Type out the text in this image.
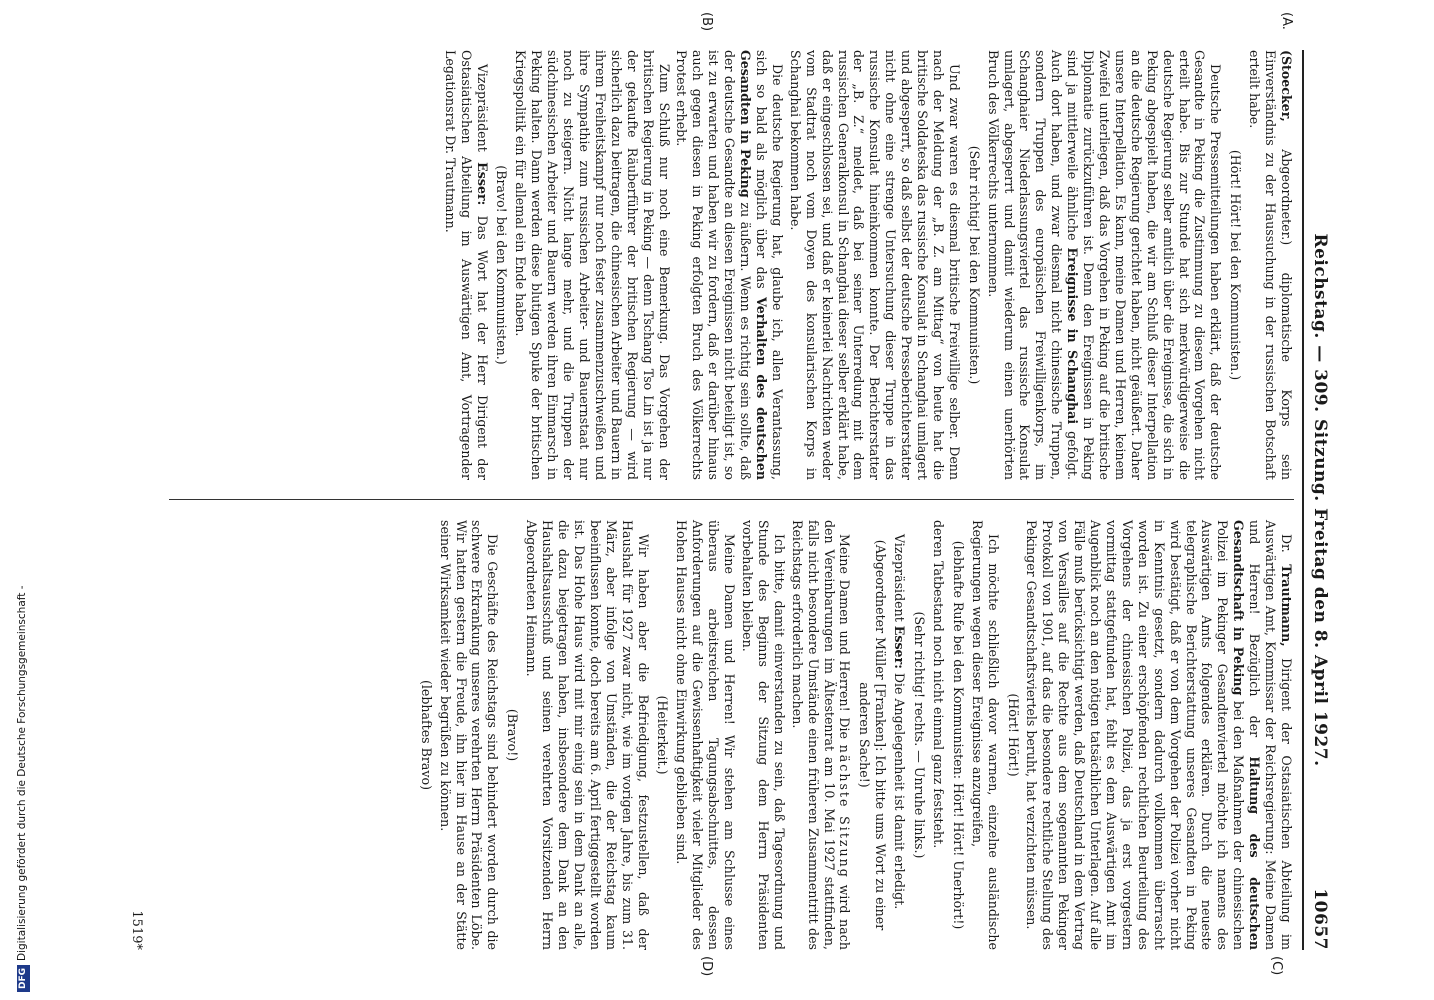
DFGDigitalisierung gefördert durch die Deutsche Forschungsgemeinschaft -
Reichstag. — 309. Sitzung. Freitag den 8. April 1927.
10657
(A.
(B)
(C)
(D)

(Stoecker, Abgeordneter.) diplomatische Korps sein Einverständnis zu der Haussuchung in der russischen Botschaft erteilt habe.

(Hört! Hört! bei den Kommunisten.)

Deutsche Pressemitteilungen haben erklärt, daß der deutsche Gesandte in Peking die Zustimmung zu diesem Vorgehen nicht erteilt habe. Bis zur Stunde hat sich merkwürdigerweise die deutsche Regierung selber amtlich über die Ereignisse, die sich in Peking abgespielt haben, die wir am Schluß dieser Interpellation an die deutsche Regierung gerichtet haben, nicht geäußert. Daher unsere Interpellation. Es kann, meine Damen und Herren, keinem Zweifel unterliegen, daß das Vorgehen in Peking auf die britische Diplomatie zurückzuführen ist. Denn den Ereignissen in Peking sind ja mittlerweile ähnliche Ereignisse in Schanghai gefolgt. Auch dort haben, und zwar diesmal nicht chinesische Truppen, sondern Truppen des europäischen Freiwilligenkorps, im Schanghaier Niederlassungsviertel das russische Konsulat umlagert, abgesperrt und damit wiederum einen unerhörten Bruch des Völkerrechts unternommen.

(Sehr richtig! bei den Kommunisten.)

Und zwar waren es diesmal britische Freiwillige selber. Denn nach der Meldung der „B. Z. am Mittag“ von heute hat die britische Soldateska das russische Konsulat in Schanghai umlagert und abgesperrt, so daß selbst der deutsche Presseberichterstatter nicht ohne eine strenge Untersuchung dieser Truppe in das russische Konsulat hineinkommen konnte. Der Berichterstatter der „B. Z.“ meldet, daß bei seiner Unterredung mit dem russischen Generalkonsul in Schanghai dieser selber erklärt habe, daß er eingeschlossen sei, und daß er keinerlei Nachrichten weder vom Stadtrat noch vom Doyen des konsularischen Korps in Schanghai bekommen habe.

Die deutsche Regierung hat, glaube ich, allen Verantassung, sich so bald als möglich über das Verhalten des deutschen Gesandten in Peking zu äußern. Wenn es richtig sein sollte, daß der deutsche Gesandte an diesen Ereignissen nicht beteiligt ist, so ist zu erwarten und haben wir zu fordern, daß er darüber hinaus auch gegen diesen in Peking erfolgten Bruch des Völkerrechts Protest erhebt.

Zum Schluß nur noch eine Bemerkung. Das Vorgehen der britischen Regierung in Peking — denn Tschang Tso Lin ist ja nur der gekaufte Räuberführer der britischen Regierung — wird sicherlich dazu beitragen, die chinesischen Arbeiter und Bauern in ihrem Freiheitskampf nur noch fester zusammenzuschweißen und ihre Sympathie zum russischen Arbeiter- und Bauernstaat nur noch zu steigern. Nicht lange mehr, und die Truppen der südchinesischen Arbeiter und Bauern werden ihren Einmarsch in Peking halten. Dann werden diese blutigen Spuke der britischen Kriegspolitik ein für allemal ein Ende haben.

(Bravo! bei den Kommunisten.)

Vizepräsident Esser: Das Wort hat der Herr Dirigent der Ostasiatischen Abteilung im Auswärtigen Amt, Vortragender Legationsrat Dr. Trautmann.

Dr. Trautmann, Dirigent der Ostasiatischen Abteilung im Auswärtigen Amt, Kommissar der Reichsregierung: Meine Damen und Herren! Bezüglich der Haltung des deutschen Gesandtschaft in Peking bei den Maßnahmen der chinesischen Polizei im Pekinger Gesandtenviertel möchte ich namens des Auswärtigen Amts folgendes erklären. Durch die neueste telegraphische Berichterstattung unseres Gesandten in Peking wird bestätigt, daß er von dem Vorgehen der Polizei vorher nicht in Kenntnis gesetzt, sondern dadurch vollkommen überrascht worden ist. Zu einer erschöpfenden rechtlichen Beurteilung des Vorgehens der chinesischen Polizei, das ja erst vorgestern vormittag stattgefunden hat, fehlt es dem Auswärtigen Amt im Augenblick noch an den nötigen tatsächlichen Unterlagen. Auf alle Fälle muß berücksichtigt werden, daß Deutschland in dem Vertrag von Versailles auf die Rechte aus dem sogenannten Pekinger Protokoll von 1901, auf das die besondere rechtliche Stellung des Pekinger Gesandtschaftsviertels beruht, hat verzichten müssen.

(Hört! Hört!)

Ich möchte schließlich davor warnen, einzelne ausländische Regierungen wegen dieser Ereignisse anzugreifen,

(lebhafte Rufe bei den Kommunisten: Hört! Hört! Unerhört!)

deren Tatbestand noch nicht einmal ganz feststeht.

(Sehr richtig! rechts. — Unruhe links.)

Vizepräsident Esser: Die Angelegenheit ist damit erledigt.

(Abgeordneter Müller [Franken]: Ich bitte ums Wort zu einer anderen Sache!)

Meine Damen und Herren! Die nächste Sitzung wird nach den Vereinbarungen im Ältestenrat am 10. Mai 1927 stattfinden, falls nicht besondere Umstände einen früheren Zusammentritt des Reichstags erforderlich machen.

Ich bitte, damit einverstanden zu sein, daß Tagesordnung und Stunde des Beginns der Sitzung dem Herrn Präsidenten vorbehalten bleiben.

Meine Damen und Herren! Wir stehen am Schlusse eines überaus arbeitsreichen Tagungsabschnittes, dessen Anforderungen auf die Gewissenhaftigkeit vieler Mitglieder des Hohen Hauses nicht ohne Einwirkung geblieben sind.

(Heiterkeit.)

Wir haben aber die Befriedigung, festzustellen, daß der Haushalt für 1927 zwar nicht, wie im vorigen Jahre, bis zum 31. März, aber infolge von Umständen, die der Reichstag kaum beeinflussen konnte, doch bereits am 6. April fertiggestellt worden ist. Das Hohe Haus wird mit mir einig sein in dem Dank an alle, die dazu beigetragen haben, insbesondere dem Dank an den Haushaltsausschuß und seinen verehrten Vorsitzenden Herrn Abgeordneten Heimann.

(Bravo!)

Die Geschäfte des Reichstags sind behindert worden durch die schwere Erkrankung unseres verehrten Herrn Präsidenten Löbe. Wir hatten gestern die Freude, ihn hier im Hause an der Stätte seiner Wirksamkeit wieder begrüßen zu können.

(lebhaftes Bravo)

1519*
